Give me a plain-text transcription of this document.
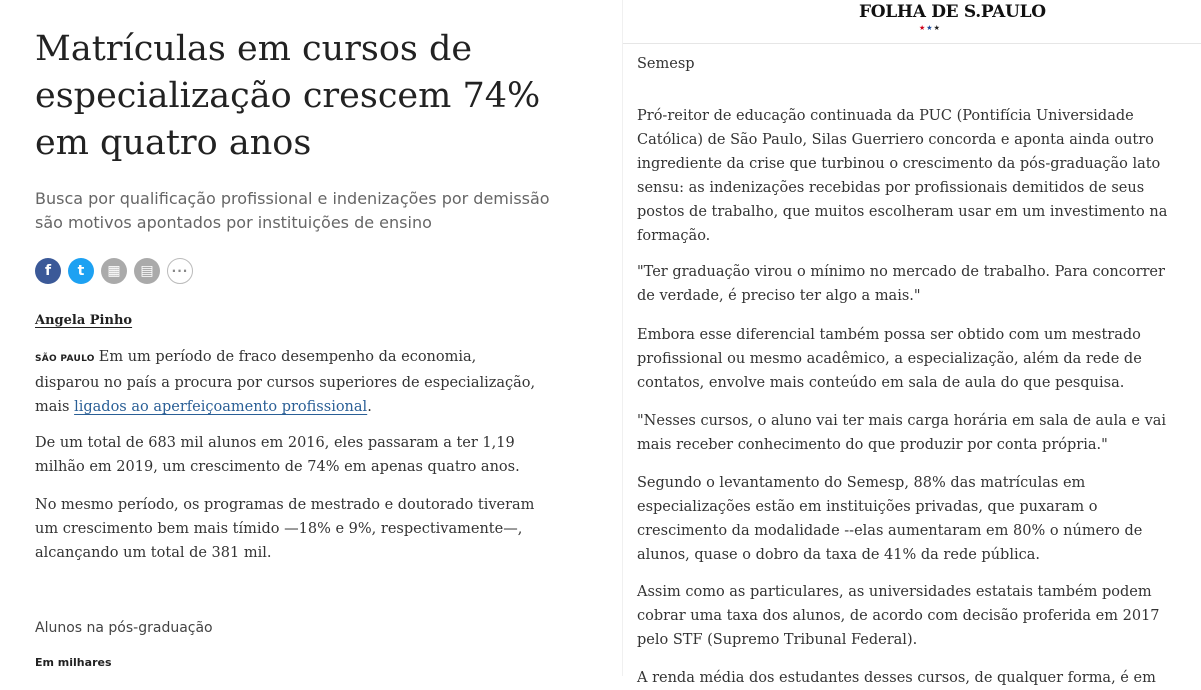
Matrículas em cursos de especialização crescem 74% em quatro anos

Busca por qualificação profissional e indenizações por demissão são motivos apontados por instituições de ensino

f	t	▦	▤	···
Angela Pinho

SÃO PAULO Em um período de fraco desempenho da economia, disparou no país a procura por cursos superiores de especialização, mais ligados ao aperfeiçoamento profissional.

De um total de 683 mil alunos em 2016, eles passaram a ter 1,19 milhão em 2019, um crescimento de 74% em apenas quatro anos.

No mesmo período, os programas de mestrado e doutorado tiveram um crescimento bem mais tímido —18% e 9%, respectivamente—, alcançando um total de 381 mil.

Alunos na pós-graduação
Em milhares
FOLHA DE S.PAULO
★★★
Semesp

Pró-reitor de educação continuada da PUC (Pontifícia Universidade Católica) de São Paulo, Silas Guerriero concorda e aponta ainda outro ingrediente da crise que turbinou o crescimento da pós-graduação lato sensu: as indenizações recebidas por profissionais demitidos de seus postos de trabalho, que muitos escolheram usar em um investimento na formação.

"Ter graduação virou o mínimo no mercado de trabalho. Para concorrer de verdade, é preciso ter algo a mais."

Embora esse diferencial também possa ser obtido com um mestrado profissional ou mesmo acadêmico, a especialização, além da rede de contatos, envolve mais conteúdo em sala de aula do que pesquisa.

"Nesses cursos, o aluno vai ter mais carga horária em sala de aula e vai mais receber conhecimento do que produzir por conta própria."

Segundo o levantamento do Semesp, 88% das matrículas em especializações estão em instituições privadas, que puxaram o crescimento da modalidade --elas aumentaram em 80% o número de alunos, quase o dobro da taxa de 41% da rede pública.

Assim como as particulares, as universidades estatais também podem cobrar uma taxa dos alunos, de acordo com decisão proferida em 2017 pelo STF (Supremo Tribunal Federal).

A renda média dos estudantes desses cursos, de qualquer forma, é em
